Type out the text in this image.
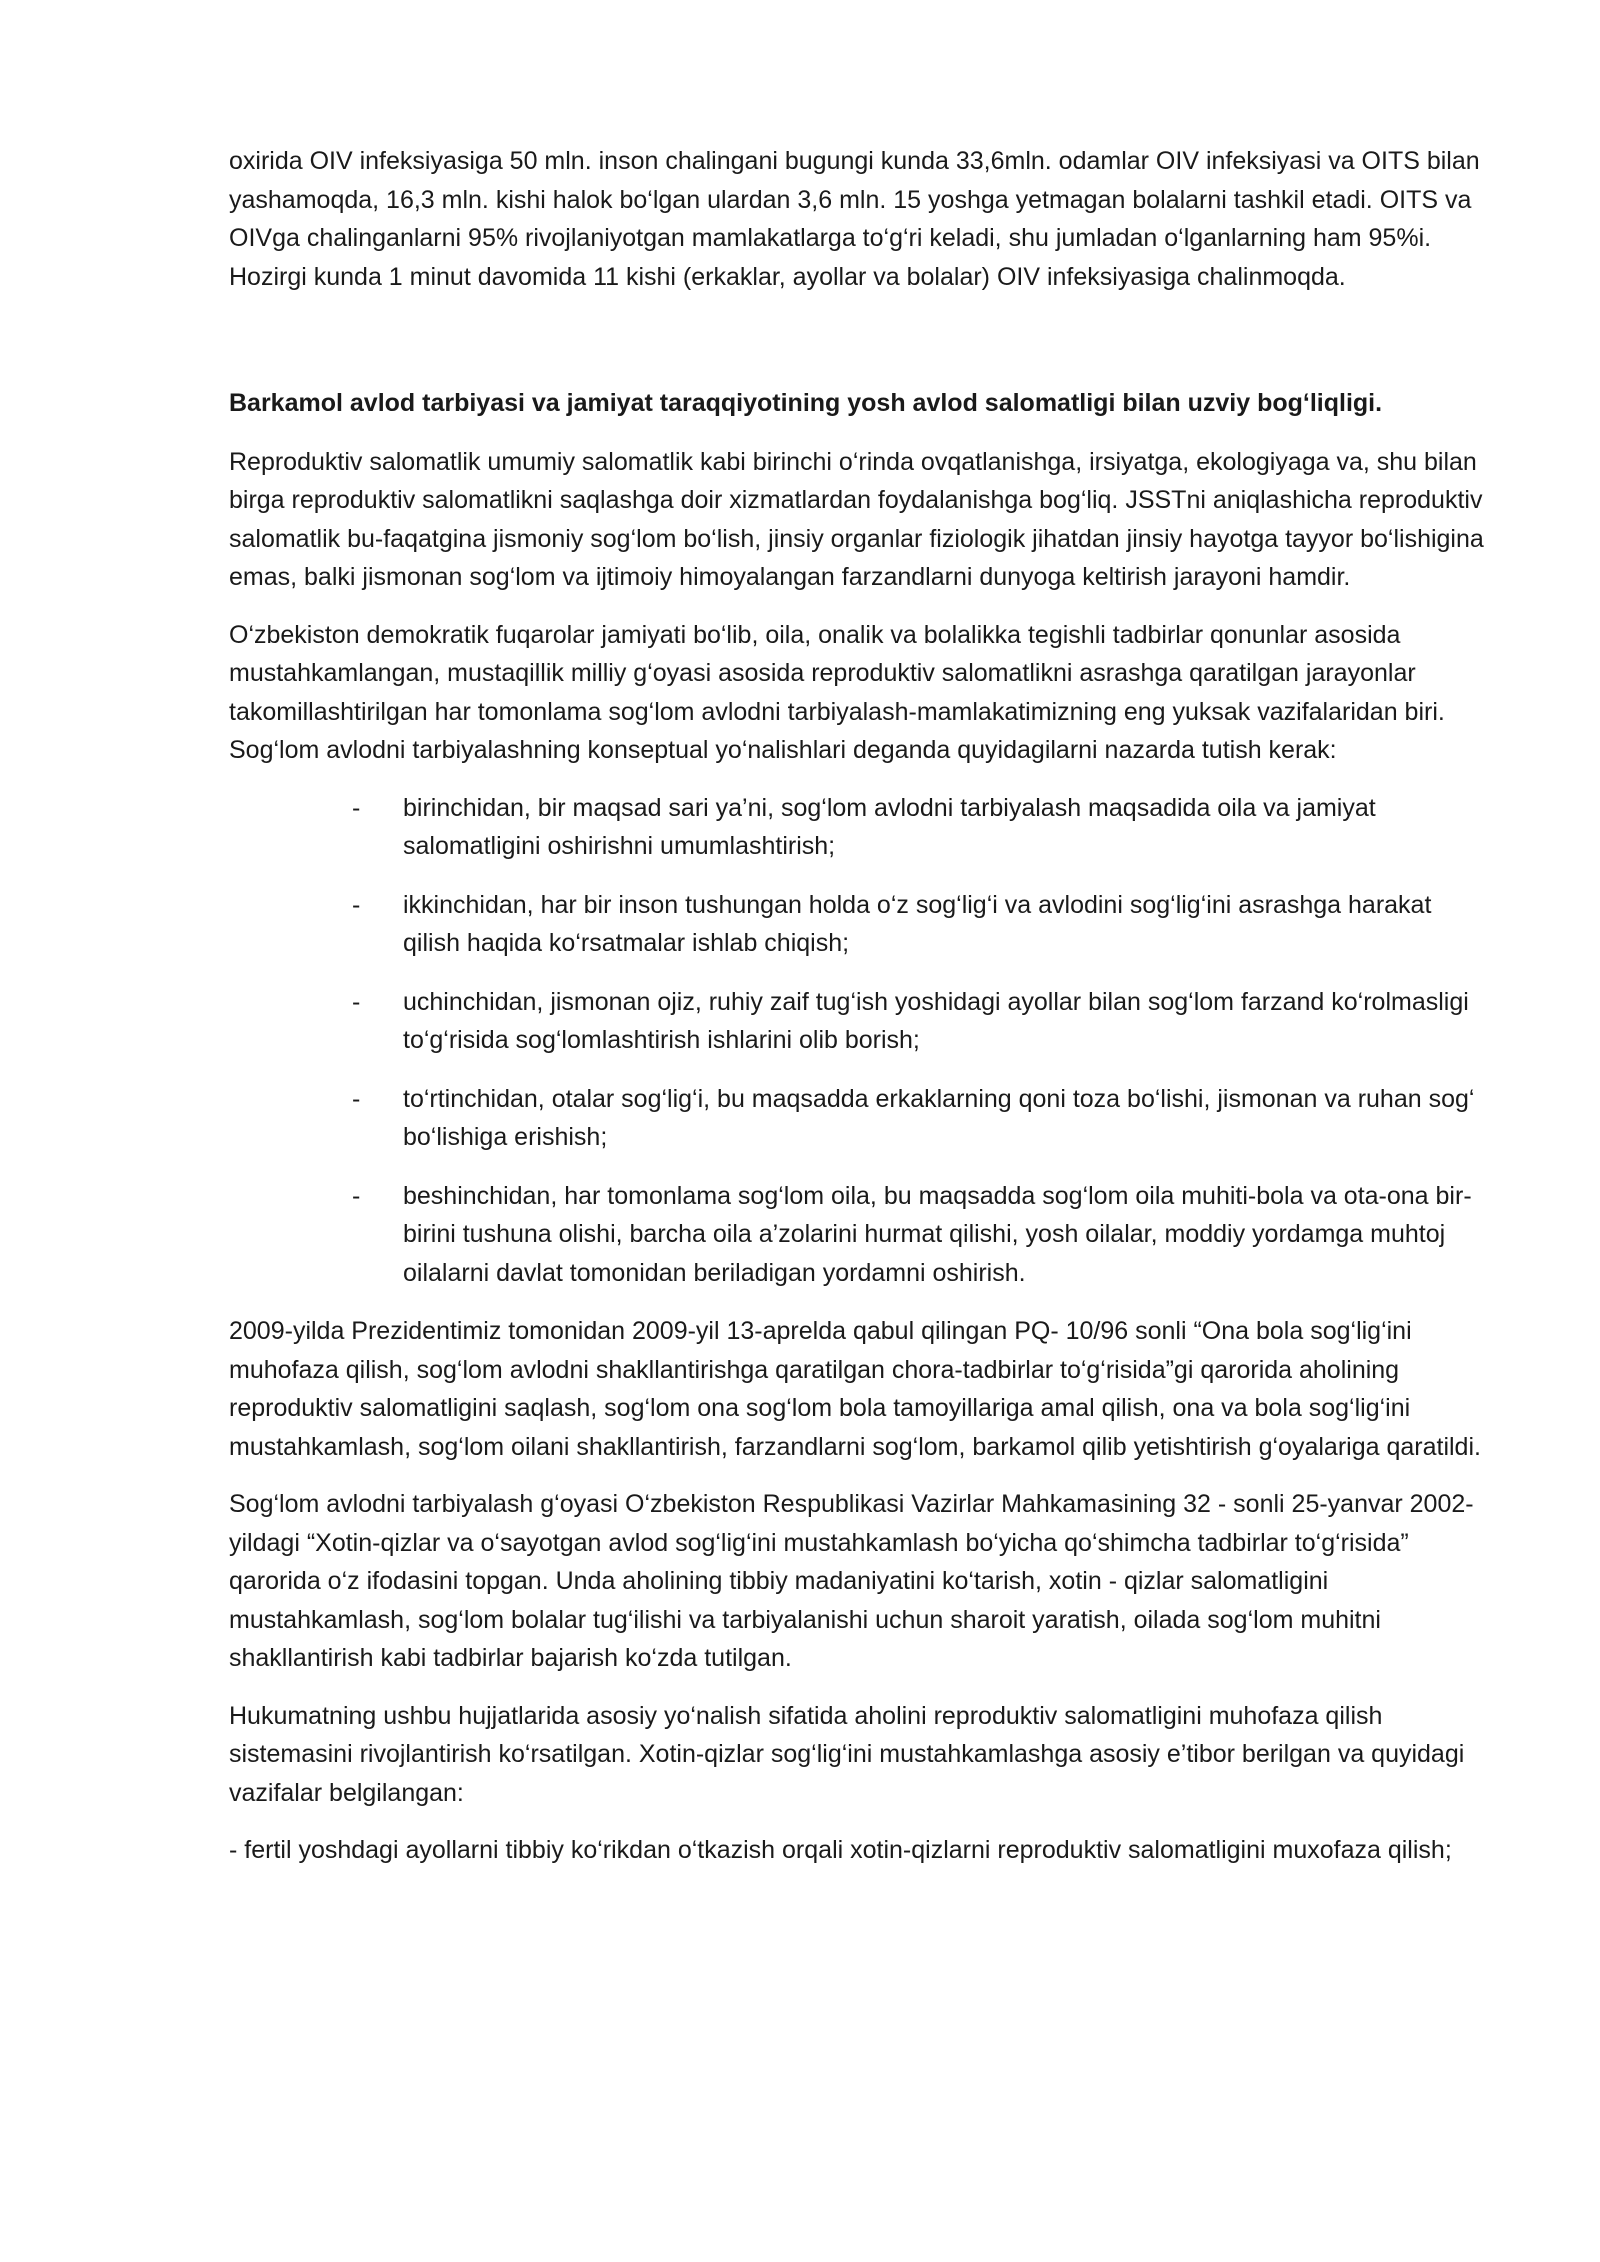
oxirida OIV infeksiyasiga 50 mln. inson chalingani bugungi kunda 33,6mln. odamlar OIV infeksiyasi va OITS bilan yashamoqda, 16,3 mln. kishi halok bo‘lgan ulardan 3,6 mln. 15 yoshga yetmagan bolalarni tashkil etadi. OITS va OIVga chalinganlarni 95% rivojlaniyotgan mamlakatlarga to‘g‘ri keladi, shu jumladan o‘lganlarning ham 95%i. Hozirgi kunda 1 minut davomida 11 kishi (erkaklar, ayollar va bolalar) OIV infeksiyasiga chalinmoqda.

Barkamol avlod tarbiyasi va jamiyat taraqqiyotining yosh avlod salomatligi bilan uzviy bog‘liqligi.

Reproduktiv salomatlik umumiy salomatlik kabi birinchi o‘rinda ovqatlanishga, irsiyatga, ekologiyaga va, shu bilan birga reproduktiv salomatlikni saqlashga doir xizmatlardan foydalanishga bog‘liq. JSSTni aniqlashicha reproduktiv salomatlik bu-faqatgina jismoniy sog‘lom bo‘lish, jinsiy organlar fiziologik jihatdan jinsiy hayotga tayyor bo‘lishigina emas, balki jismonan sog‘lom va ijtimoiy himoyalangan farzandlarni dunyoga keltirish jarayoni hamdir.

O‘zbekiston demokratik fuqarolar jamiyati bo‘lib, oila, onalik va bolalikka tegishli tadbirlar qonunlar asosida mustahkamlangan, mustaqillik milliy g‘oyasi asosida reproduktiv salomatlikni asrashga qaratilgan jarayonlar takomillashtirilgan har tomonlama sog‘lom avlodni tarbiyalash-mamlakatimizning eng yuksak vazifalaridan biri. Sog‘lom avlodni tarbiyalashning konseptual yo‘nalishlari deganda quyidagilarni nazarda tutish kerak:

- birinchidan, bir maqsad sari ya’ni, sog‘lom avlodni tarbiyalash maqsadida oila va jamiyat salomatligini oshirishni umumlashtirish;
- ikkinchidan, har bir inson tushungan holda o‘z sog‘lig‘i va avlodini sog‘lig‘ini asrashga harakat qilish haqida ko‘rsatmalar ishlab chiqish;
- uchinchidan, jismonan ojiz, ruhiy zaif tug‘ish yoshidagi ayollar bilan sog‘lom farzand ko‘rolmasligi to‘g‘risida sog‘lomlashtirish ishlarini olib borish;
- to‘rtinchidan, otalar sog‘lig‘i, bu maqsadda erkaklarning qoni toza bo‘lishi, jismonan va ruhan sog‘ bo‘lishiga erishish;
- beshinchidan, har tomonlama sog‘lom oila, bu maqsadda sog‘lom oila muhiti-bola va ota-ona bir-birini tushuna olishi, barcha oila a’zolarini hurmat qilishi, yosh oilalar, moddiy yordamga muhtoj oilalarni davlat tomonidan beriladigan yordamni oshirish.

2009-yilda Prezidentimiz tomonidan 2009-yil 13-aprelda qabul qilingan PQ- 10/96 sonli “Ona bola sog‘lig‘ini muhofaza qilish, sog‘lom avlodni shakllantirishga qaratilgan chora-tadbirlar to‘g‘risida”gi qarorida aholining reproduktiv salomatligini saqlash, sog‘lom ona sog‘lom bola tamoyillariga amal qilish, ona va bola sog‘lig‘ini mustahkamlash, sog‘lom oilani shakllantirish, farzandlarni sog‘lom, barkamol qilib yetishtirish g‘oyalariga qaratildi.

Sog‘lom avlodni tarbiyalash g‘oyasi O‘zbekiston Respublikasi Vazirlar Mahkamasining 32 - sonli 25-yanvar 2002-yildagi “Xotin-qizlar va o‘sayotgan avlod sog‘lig‘ini mustahkamlash bo‘yicha qo‘shimcha tadbirlar to‘g‘risida” qarorida o‘z ifodasini topgan. Unda aholining tibbiy madaniyatini ko‘tarish, xotin - qizlar salomatligini mustahkamlash, sog‘lom bolalar tug‘ilishi va tarbiyalanishi uchun sharoit yaratish, oilada sog‘lom muhitni shakllantirish kabi tadbirlar bajarish ko‘zda tutilgan.

Hukumatning ushbu hujjatlarida asosiy yo‘nalish sifatida aholini reproduktiv salomatligini muhofaza qilish sistemasini rivojlantirish ko‘rsatilgan. Xotin-qizlar sog‘lig‘ini mustahkamlashga asosiy e’tibor berilgan va quyidagi vazifalar belgilangan:

- fertil yoshdagi ayollarni tibbiy ko‘rikdan o‘tkazish orqali xotin-qizlarni reproduktiv salomatligini muxofaza qilish;
